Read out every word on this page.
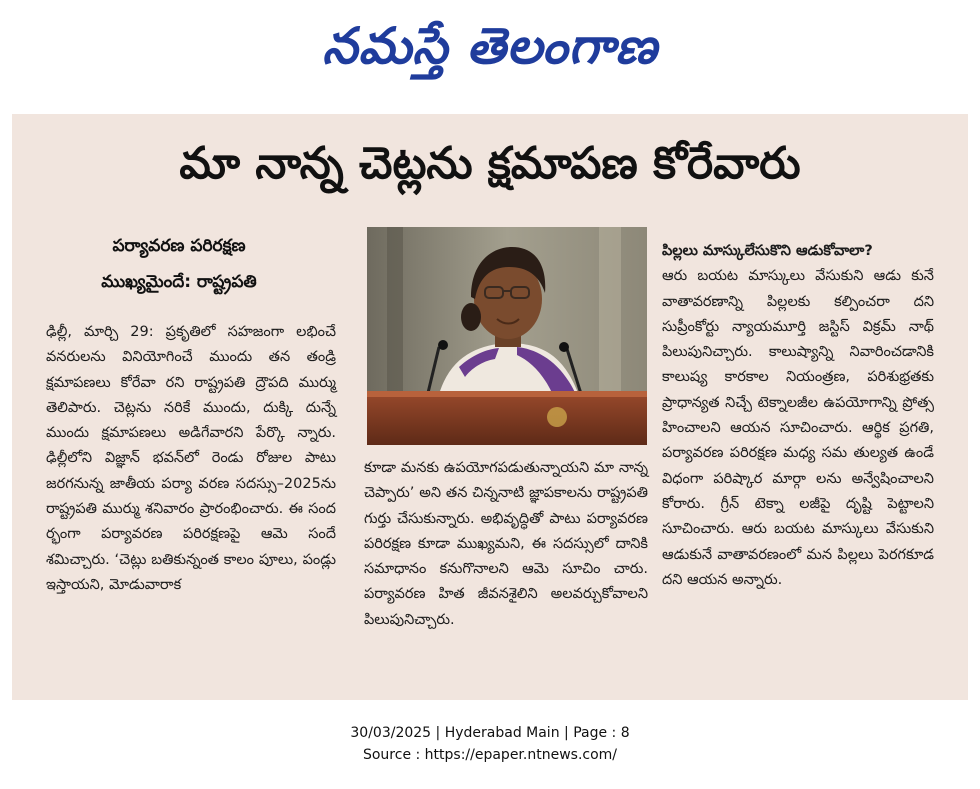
నమస్తే తెలంగాణ
మా నాన్న చెట్లను క్షమాపణ కోరేవారు
పర్యావరణ పరిరక్షణ
ముఖ్యమైందే: రాష్ట్రపతి

ఢిల్లీ, మార్చి 29: ప్రకృతిలో సహజంగా లభించే వనరులను వినియోగించే ముందు తన తండ్రి క్షమాపణలు కోరేవా రని రాష్ట్రపతి ద్రౌపది ముర్ము తెలిపారు. చెట్లను నరికే ముందు, దుక్కి దున్నే ముందు క్షమాపణలు అడిగేవారని పేర్కొ న్నారు. ఢిల్లీలోని విజ్ఞాన్ భవన్‌లో రెండు రోజుల పాటు జరగనున్న జాతీయ పర్యా వరణ సదస్సు–2025ను రాష్ట్రపతి ముర్ము శనివారం ప్రారంభించారు. ఈ సంద ర్భంగా పర్యావరణ పరిరక్షణపై ఆమె సందే శమిచ్చారు. ‘చెట్లు బతికున్నంత కాలం పూలు, పండ్లు ఇస్తాయని, మోడువారాక

కూడా మనకు ఉపయోగపడుతున్నాయని మా నాన్న చెప్పారు’ అని తన చిన్ననాటి జ్ఞాపకాలను రాష్ట్రపతి గుర్తు చేసుకున్నారు. అభివృద్ధితో పాటు పర్యావరణ పరిరక్షణ కూడా ముఖ్యమని, ఈ సదస్సులో దానికి సమాధానం కనుగొనాలని ఆమె సూచిం చారు. పర్యావరణ హిత జీవనశైలిని అలవర్చుకోవాలని పిలుపునిచ్చారు.

పిల్లలు మాస్కులేసుకొని ఆడుకోవాలా?

ఆరు బయట మాస్కులు వేసుకుని ఆడు కునే వాతావరణాన్ని పిల్లలకు కల్పించరా దని సుప్రీంకోర్టు న్యాయమూర్తి జస్టిస్ విక్రమ్ నాథ్ పిలుపునిచ్చారు. కాలుష్యాన్ని నివారించడానికి కాలుష్య కారకాల నియంత్రణ, పరిశుభ్రతకు ప్రాధాన్యత నిచ్చే టెక్నాలజీల ఉపయోగాన్ని ప్రోత్స హించాలని ఆయన సూచించారు. ఆర్థిక ప్రగతి, పర్యావరణ పరిరక్షణ మధ్య సమ తుల్యత ఉండే విధంగా పరిష్కార మార్గా లను అన్వేషించాలని కోరారు. గ్రీన్ టెక్నా లజీపై దృష్టి పెట్టాలని సూచించారు. ఆరు బయట మాస్కులు వేసుకుని ఆడుకునే వాతావరణంలో మన పిల్లలు పెరగకూడ దని ఆయన అన్నారు.

30/03/2025 | Hyderabad Main | Page : 8
Source : https://epaper.ntnews.com/
